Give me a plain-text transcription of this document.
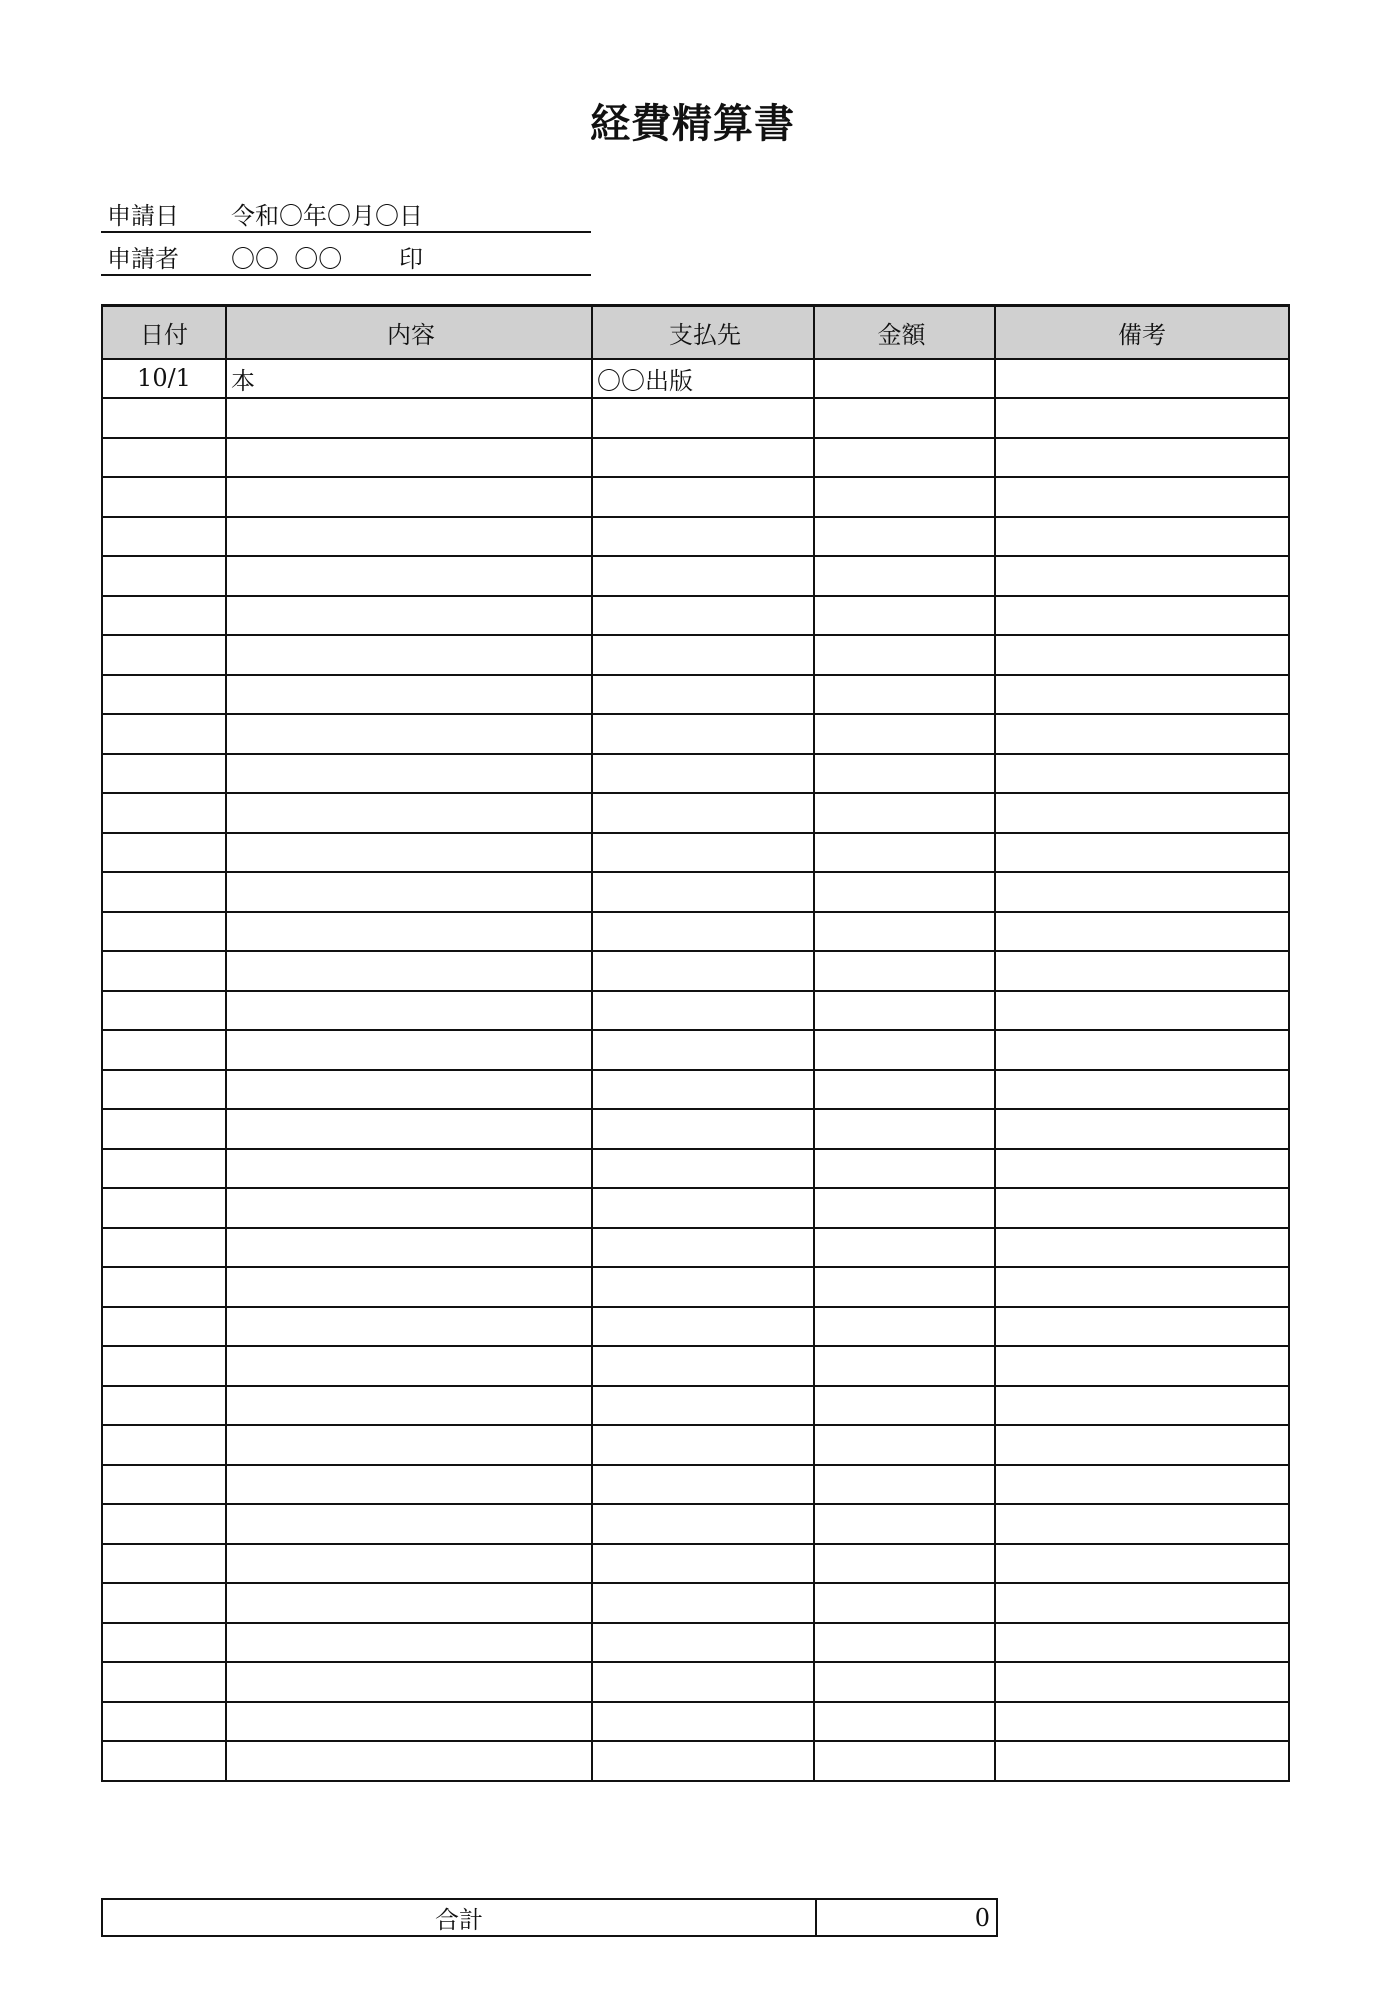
経費精算書
申請日 令和〇年〇月〇日
申請者 〇〇  〇〇 印
日付	内容	支払先	金額	備考
10/1	本	〇〇出版		

合計	0
